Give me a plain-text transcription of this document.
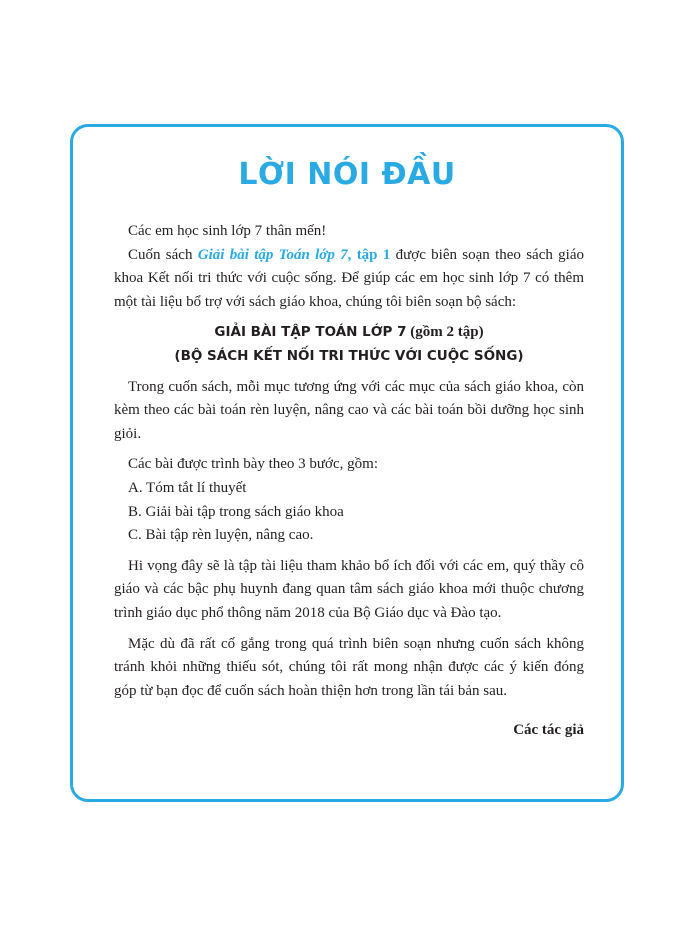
LỜI NÓI ĐẦU

Các em học sinh lớp 7 thân mến!

Cuốn sách Giải bài tập Toán lớp 7, tập 1 được biên soạn theo sách giáo khoa Kết nối tri thức với cuộc sống. Để giúp các em học sinh lớp 7 có thêm một tài liệu bổ trợ với sách giáo khoa, chúng tôi biên soạn bộ sách:

GIẢI BÀI TẬP TOÁN LỚP 7 (gồm 2 tập)
(BỘ SÁCH KẾT NỐI TRI THỨC VỚI CUỘC SỐNG)

Trong cuốn sách, mỗi mục tương ứng với các mục của sách giáo khoa, còn kèm theo các bài toán rèn luyện, nâng cao và các bài toán bồi dưỡng học sinh giỏi.

Các bài được trình bày theo 3 bước, gồm:

A. Tóm tắt lí thuyết

B. Giải bài tập trong sách giáo khoa

C. Bài tập rèn luyện, nâng cao.

Hi vọng đây sẽ là tập tài liệu tham khảo bổ ích đối với các em, quý thầy cô giáo và các bậc phụ huynh đang quan tâm sách giáo khoa mới thuộc chương trình giáo dục phổ thông năm 2018 của Bộ Giáo dục và Đào tạo.

Mặc dù đã rất cố gắng trong quá trình biên soạn nhưng cuốn sách không tránh khỏi những thiếu sót, chúng tôi rất mong nhận được các ý kiến đóng góp từ bạn đọc để cuốn sách hoàn thiện hơn trong lần tái bản sau.

Các tác giả
